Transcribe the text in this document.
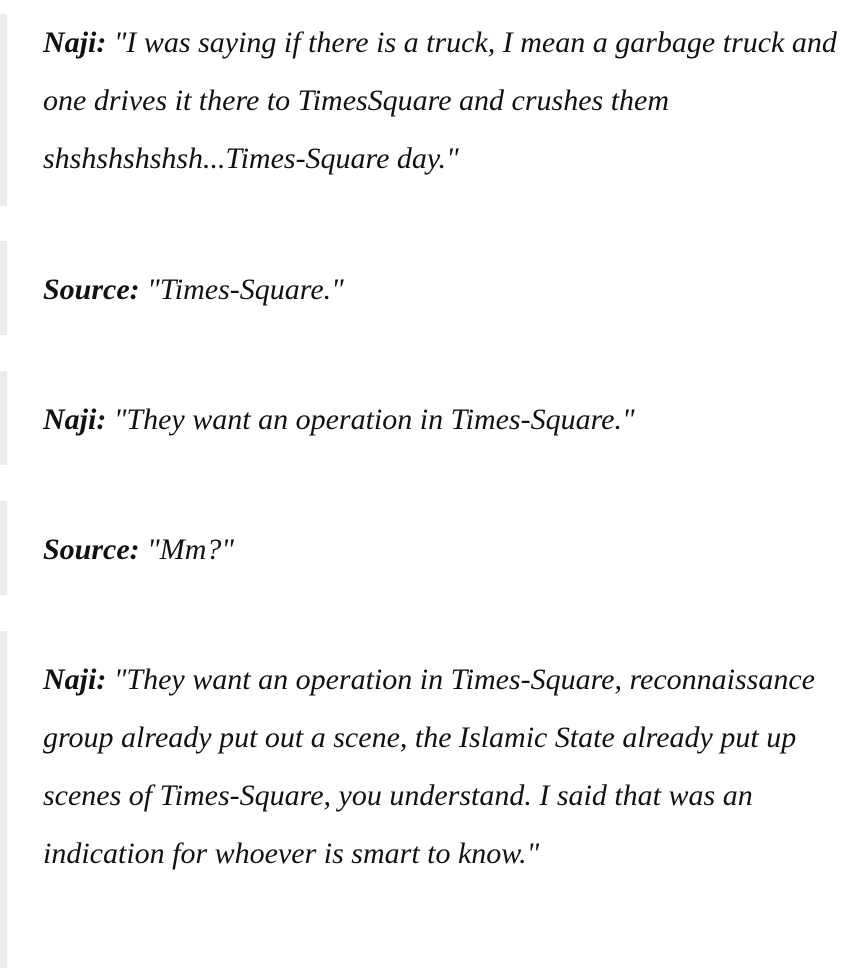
Naji: "I was saying if there is a truck, I mean a garbage truck and one drives it there to TimesSquare and crushes them shshshshshsh...Times-Square day."

Source: "Times-Square."

Naji: "They want an operation in Times-Square."

Source: "Mm?"

Naji: "They want an operation in Times-Square, reconnaissance group already put out a scene, the Islamic State already put up scenes of Times-Square, you understand. I said that was an indication for whoever is smart to know."
